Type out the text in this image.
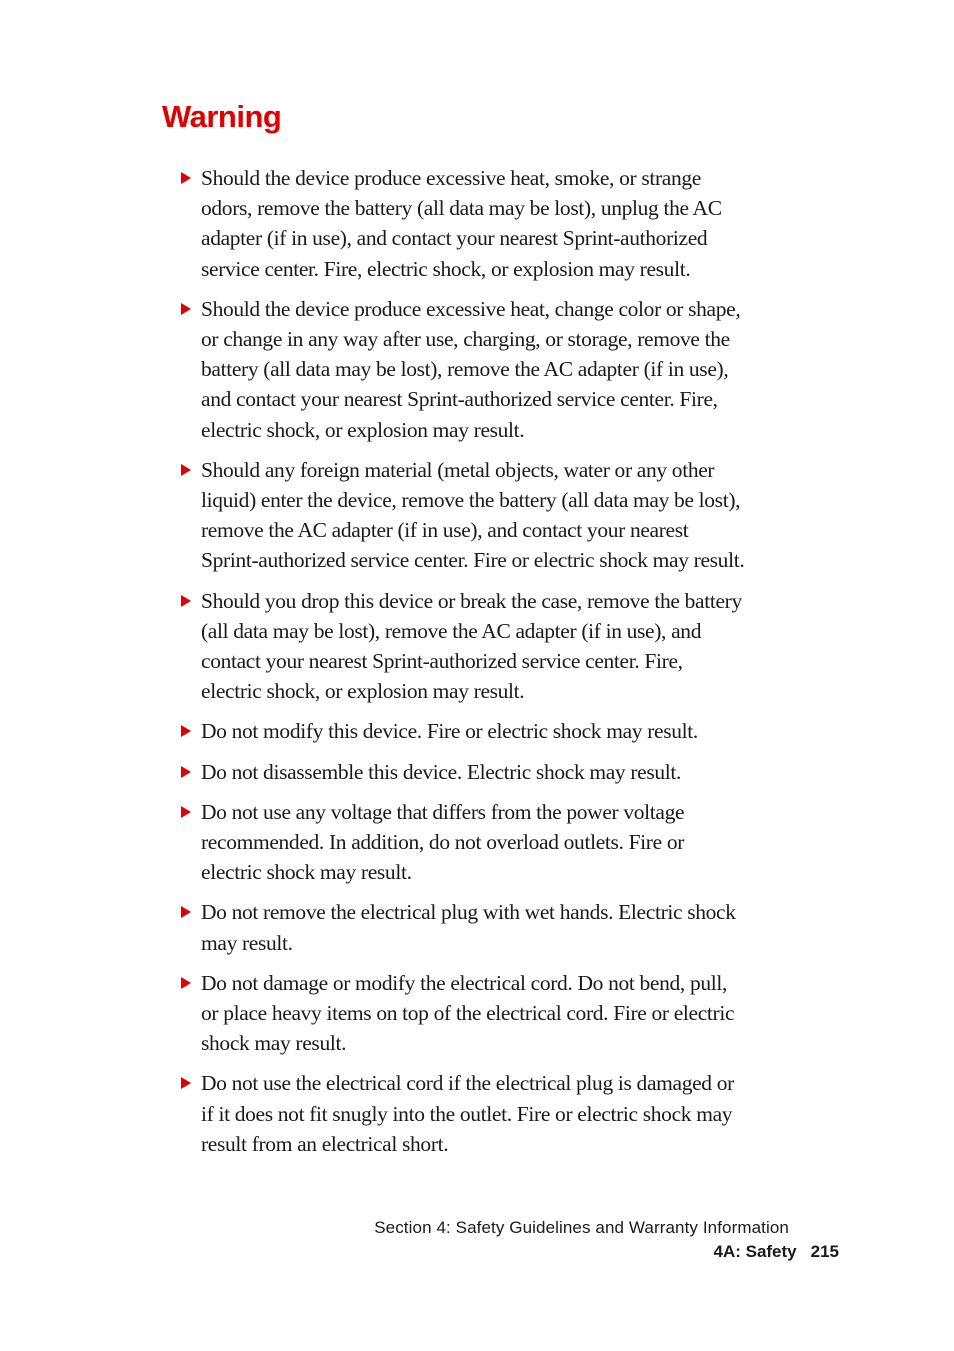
Warning
Should the device produce excessive heat, smoke, or strange odors, remove the battery (all data may be lost), unplug the AC adapter (if in use), and contact your nearest Sprint-authorized service center. Fire, electric shock, or explosion may result.
Should the device produce excessive heat, change color or shape, or change in any way after use, charging, or storage, remove the battery (all data may be lost), remove the AC adapter (if in use), and contact your nearest Sprint-authorized service center. Fire, electric shock, or explosion may result.
Should any foreign material (metal objects, water or any other liquid) enter the device, remove the battery (all data may be lost), remove the AC adapter (if in use), and contact your nearest Sprint-authorized service center. Fire or electric shock may result.
Should you drop this device or break the case, remove the battery (all data may be lost), remove the AC adapter (if in use), and contact your nearest Sprint-authorized service center. Fire, electric shock, or explosion may result.
Do not modify this device. Fire or electric shock may result.
Do not disassemble this device. Electric shock may result.
Do not use any voltage that differs from the power voltage recommended. In addition, do not overload outlets. Fire or electric shock may result.
Do not remove the electrical plug with wet hands. Electric shock may result.
Do not damage or modify the electrical cord. Do not bend, pull, or place heavy items on top of the electrical cord. Fire or electric shock may result.
Do not use the electrical cord if the electrical plug is damaged or if it does not fit snugly into the outlet. Fire or electric shock may result from an electrical short.
Section 4: Safety Guidelines and Warranty Information
4A: Safety 215
